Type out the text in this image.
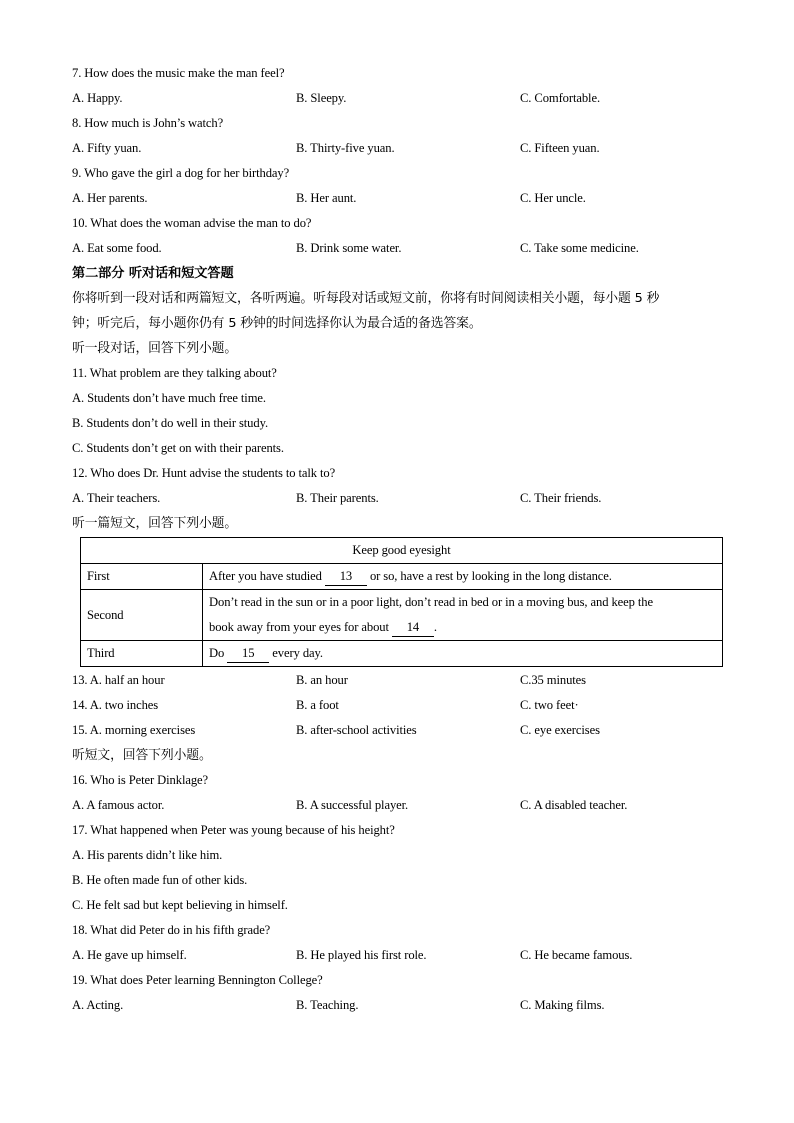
7. How does the music make the man feel?
A. Happy.	B. Sleepy.	C. Comfortable.
8. How much is John’s watch?
A. Fifty yuan.	B. Thirty-five yuan.	C. Fifteen yuan.
9. Who gave the girl a dog for her birthday?
A. Her parents.	B. Her aunt.	C. Her uncle.
10. What does the woman advise the man to do?
A. Eat some food.	B. Drink some water.	C. Take some medicine.
第二部分 听对话和短文答题
你将听到一段对话和两篇短文，各听两遍。听每段对话或短文前，你将有时间阅读相关小题，每小题 5 秒
钟；听完后，每小题你仍有 5 秒钟的时间选择你认为最合适的备选答案。
听一段对话，回答下列小题。
11. What problem are they talking about?
A. Students don’t have much free time.
B. Students don’t do well in their study.
C. Students don’t get on with their parents.
12. Who does Dr. Hunt advise the students to talk to?
A. Their teachers.	B. Their parents.	C. Their friends.
听一篇短文，回答下列小题。
Keep good eyesight	
First	After you have studied 13 or so, have a rest by looking in the long distance.
Second	Don’t read in the sun or in a poor light, don’t read in bed or in a moving bus, and keep the
book away from your eyes for about 14 .

Third	Do 15 every day.
13. A. half an hour	B. an hour	C.35 minutes
14. A. two inches	B. a foot	C. two feet·
15. A. morning exercises	B. after-school activities	C. eye exercises
听短文，回答下列小题。
16. Who is Peter Dinklage?
A. A famous actor.	B. A successful player.	C. A disabled teacher.
17. What happened when Peter was young because of his height?
A. His parents didn’t like him.
B. He often made fun of other kids.
C. He felt sad but kept believing in himself.
18. What did Peter do in his fifth grade?
A. He gave up himself.	B. He played his first role.	C. He became famous.
19. What does Peter learning Bennington College?
A. Acting.	B. Teaching.	C. Making films.
